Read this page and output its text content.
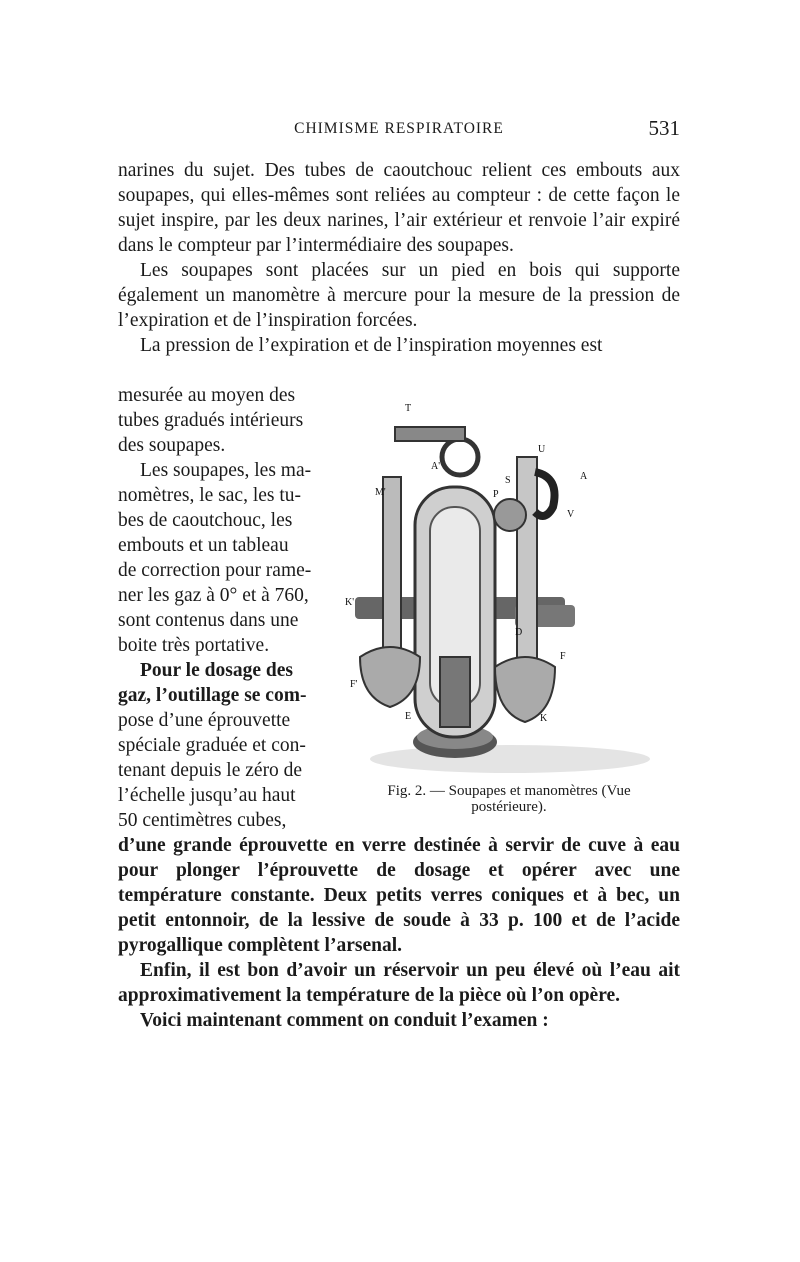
CHIMISME RESPIRATOIRE	531

narines du sujet. Des tubes de caoutchouc relient ces embouts aux soupapes, qui elles-mêmes sont reliées au compteur : de cette façon le sujet inspire, par les deux narines, l’air extérieur et renvoie l’air expiré dans le compteur par l’intermédiaire des soupapes.

Les soupapes sont placées sur un pied en bois qui supporte également un manomètre à mercure pour la mesure de la pression de l’expiration et de l’inspiration forcées.

La pression de l’expiration et de l’inspiration moyennes est

mesurée au moyen des
tubes gradués intérieurs
des soupapes.
Les soupapes, les ma-
nomètres, le sac, les tu-
bes de caoutchouc, les
embouts et un tableau
de correction pour rame-
ner les gaz à 0° et à 760,
sont contenus dans une
boite très portative.
Pour le dosage des
gaz, l’outillage se com-
pose d’une éprouvette
spéciale graduée et con-
tenant depuis le zéro de
l’échelle jusqu’au haut
50 centimètres cubes,
T
U
A
S
P
V
A'
M'
K'
D
F
F'
E	K
Fig. 2. — Soupapes et manomètres (Vue
postérieure).

d’une grande éprouvette en verre destinée à servir de cuve à eau pour plonger l’éprouvette de dosage et opérer avec une température constante. Deux petits verres coniques et à bec, un petit entonnoir, de la lessive de soude à 33 p. 100 et de l’acide pyrogallique complètent l’arsenal.

Enfin, il est bon d’avoir un réservoir un peu élevé où l’eau ait approximativement la température de la pièce où l’on opère.

Voici maintenant comment on conduit l’examen :
